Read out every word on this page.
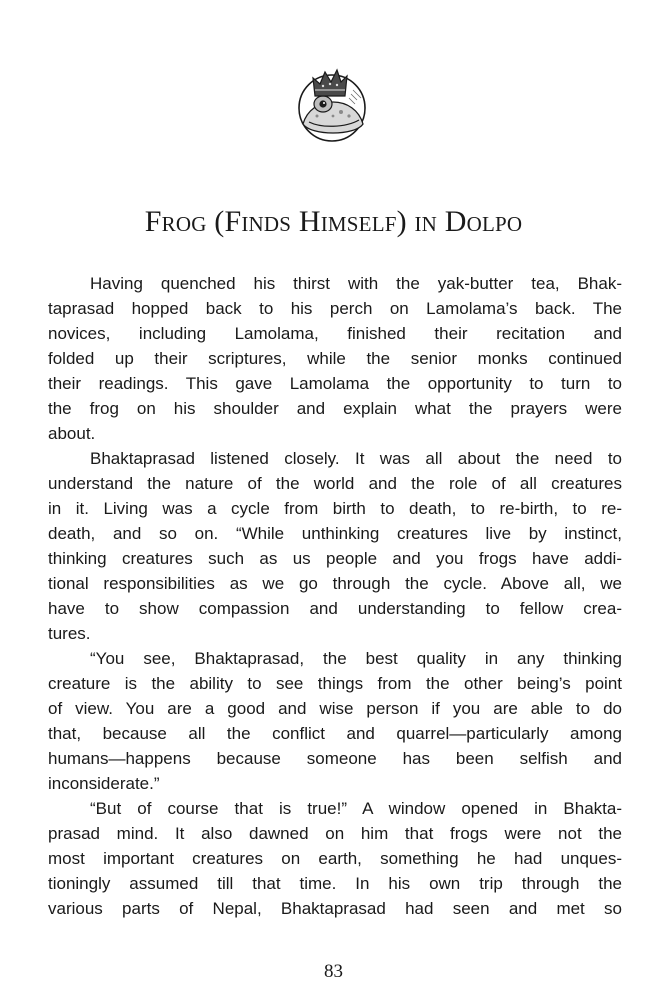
Frog (Finds Himself) in Dolpo
Having quenched his thirst with the yak-butter tea, Bhak-
taprasad hopped back to his perch on Lamolama’s back. The
novices, including Lamolama, finished their recitation and
folded up their scriptures, while the senior monks continued
their readings. This gave Lamolama the opportunity to turn to
the frog on his shoulder and explain what the prayers were
about.
Bhaktaprasad listened closely. It was all about the need to
understand the nature of the world and the role of all creatures
in it. Living was a cycle from birth to death, to re-birth, to re-
death, and so on. “While unthinking creatures live by instinct,
thinking creatures such as us people and you frogs have addi-
tional responsibilities as we go through the cycle. Above all, we
have to show compassion and understanding to fellow crea-
tures.
“You see, Bhaktaprasad, the best quality in any thinking
creature is the ability to see things from the other being’s point
of view. You are a good and wise person if you are able to do
that, because all the conflict and quarrel—particularly among
humans—happens because someone has been selfish and
inconsiderate.”
“But of course that is true!” A window opened in Bhakta-
prasad mind. It also dawned on him that frogs were not the
most important creatures on earth, something he had unques-
tioningly assumed till that time. In his own trip through the
various parts of Nepal, Bhaktaprasad had seen and met so
83
